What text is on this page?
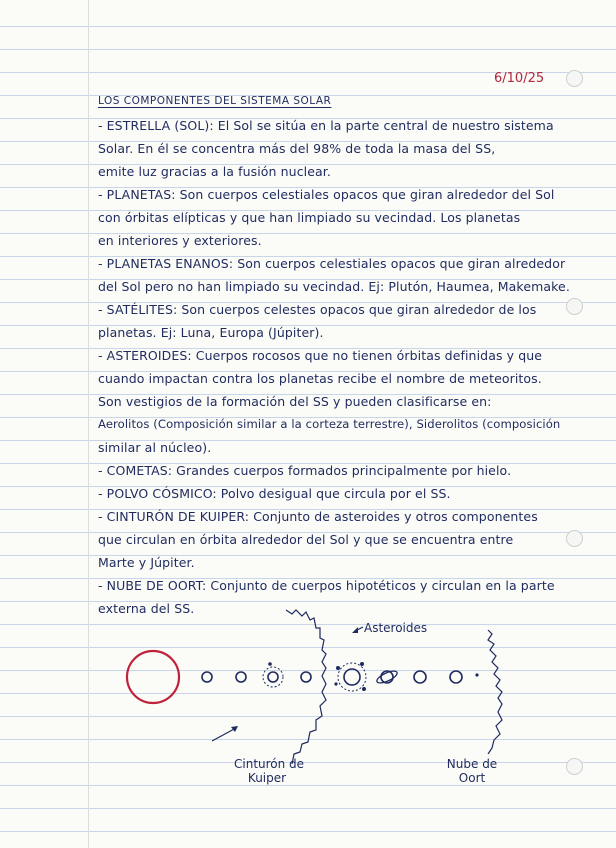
6/10/25
LOS COMPONENTES DEL SISTEMA SOLAR
- ESTRELLA (SOL): El Sol se sitúa en la parte central de nuestro sistema
Solar. En él se concentra más del 98% de toda la masa del SS,
emite luz gracias a la fusión nuclear.
- PLANETAS: Son cuerpos celestiales opacos que giran alrededor del Sol
con órbitas elípticas y que han limpiado su vecindad. Los planetas
en interiores y exteriores.
- PLANETAS ENANOS: Son cuerpos celestiales opacos que giran alrededor
del Sol pero no han limpiado su vecindad. Ej: Plutón, Haumea, Makemake.
- SATÉLITES: Son cuerpos celestes opacos que giran alrededor de los
planetas. Ej: Luna, Europa (Júpiter).
- ASTEROIDES: Cuerpos rocosos que no tienen órbitas definidas y que
cuando impactan contra los planetas recibe el nombre de meteoritos.
Son vestigios de la formación del SS y pueden clasificarse en:
Aerolitos (Composición similar a la corteza terrestre), Siderolitos (composición
similar al núcleo).
- COMETAS: Grandes cuerpos formados principalmente por hielo.
- POLVO CÓSMICO: Polvo desigual que circula por el SS.
- CINTURÓN DE KUIPER: Conjunto de asteroides y otros componentes
que circulan en órbita alrededor del Sol y que se encuentra entre
Marte y Júpiter.
- NUBE DE OORT: Conjunto de cuerpos hipotéticos y circulan en la parte
externa del SS.
Asteroides
Cinturón de
Kuiper
Nube de
Oort
